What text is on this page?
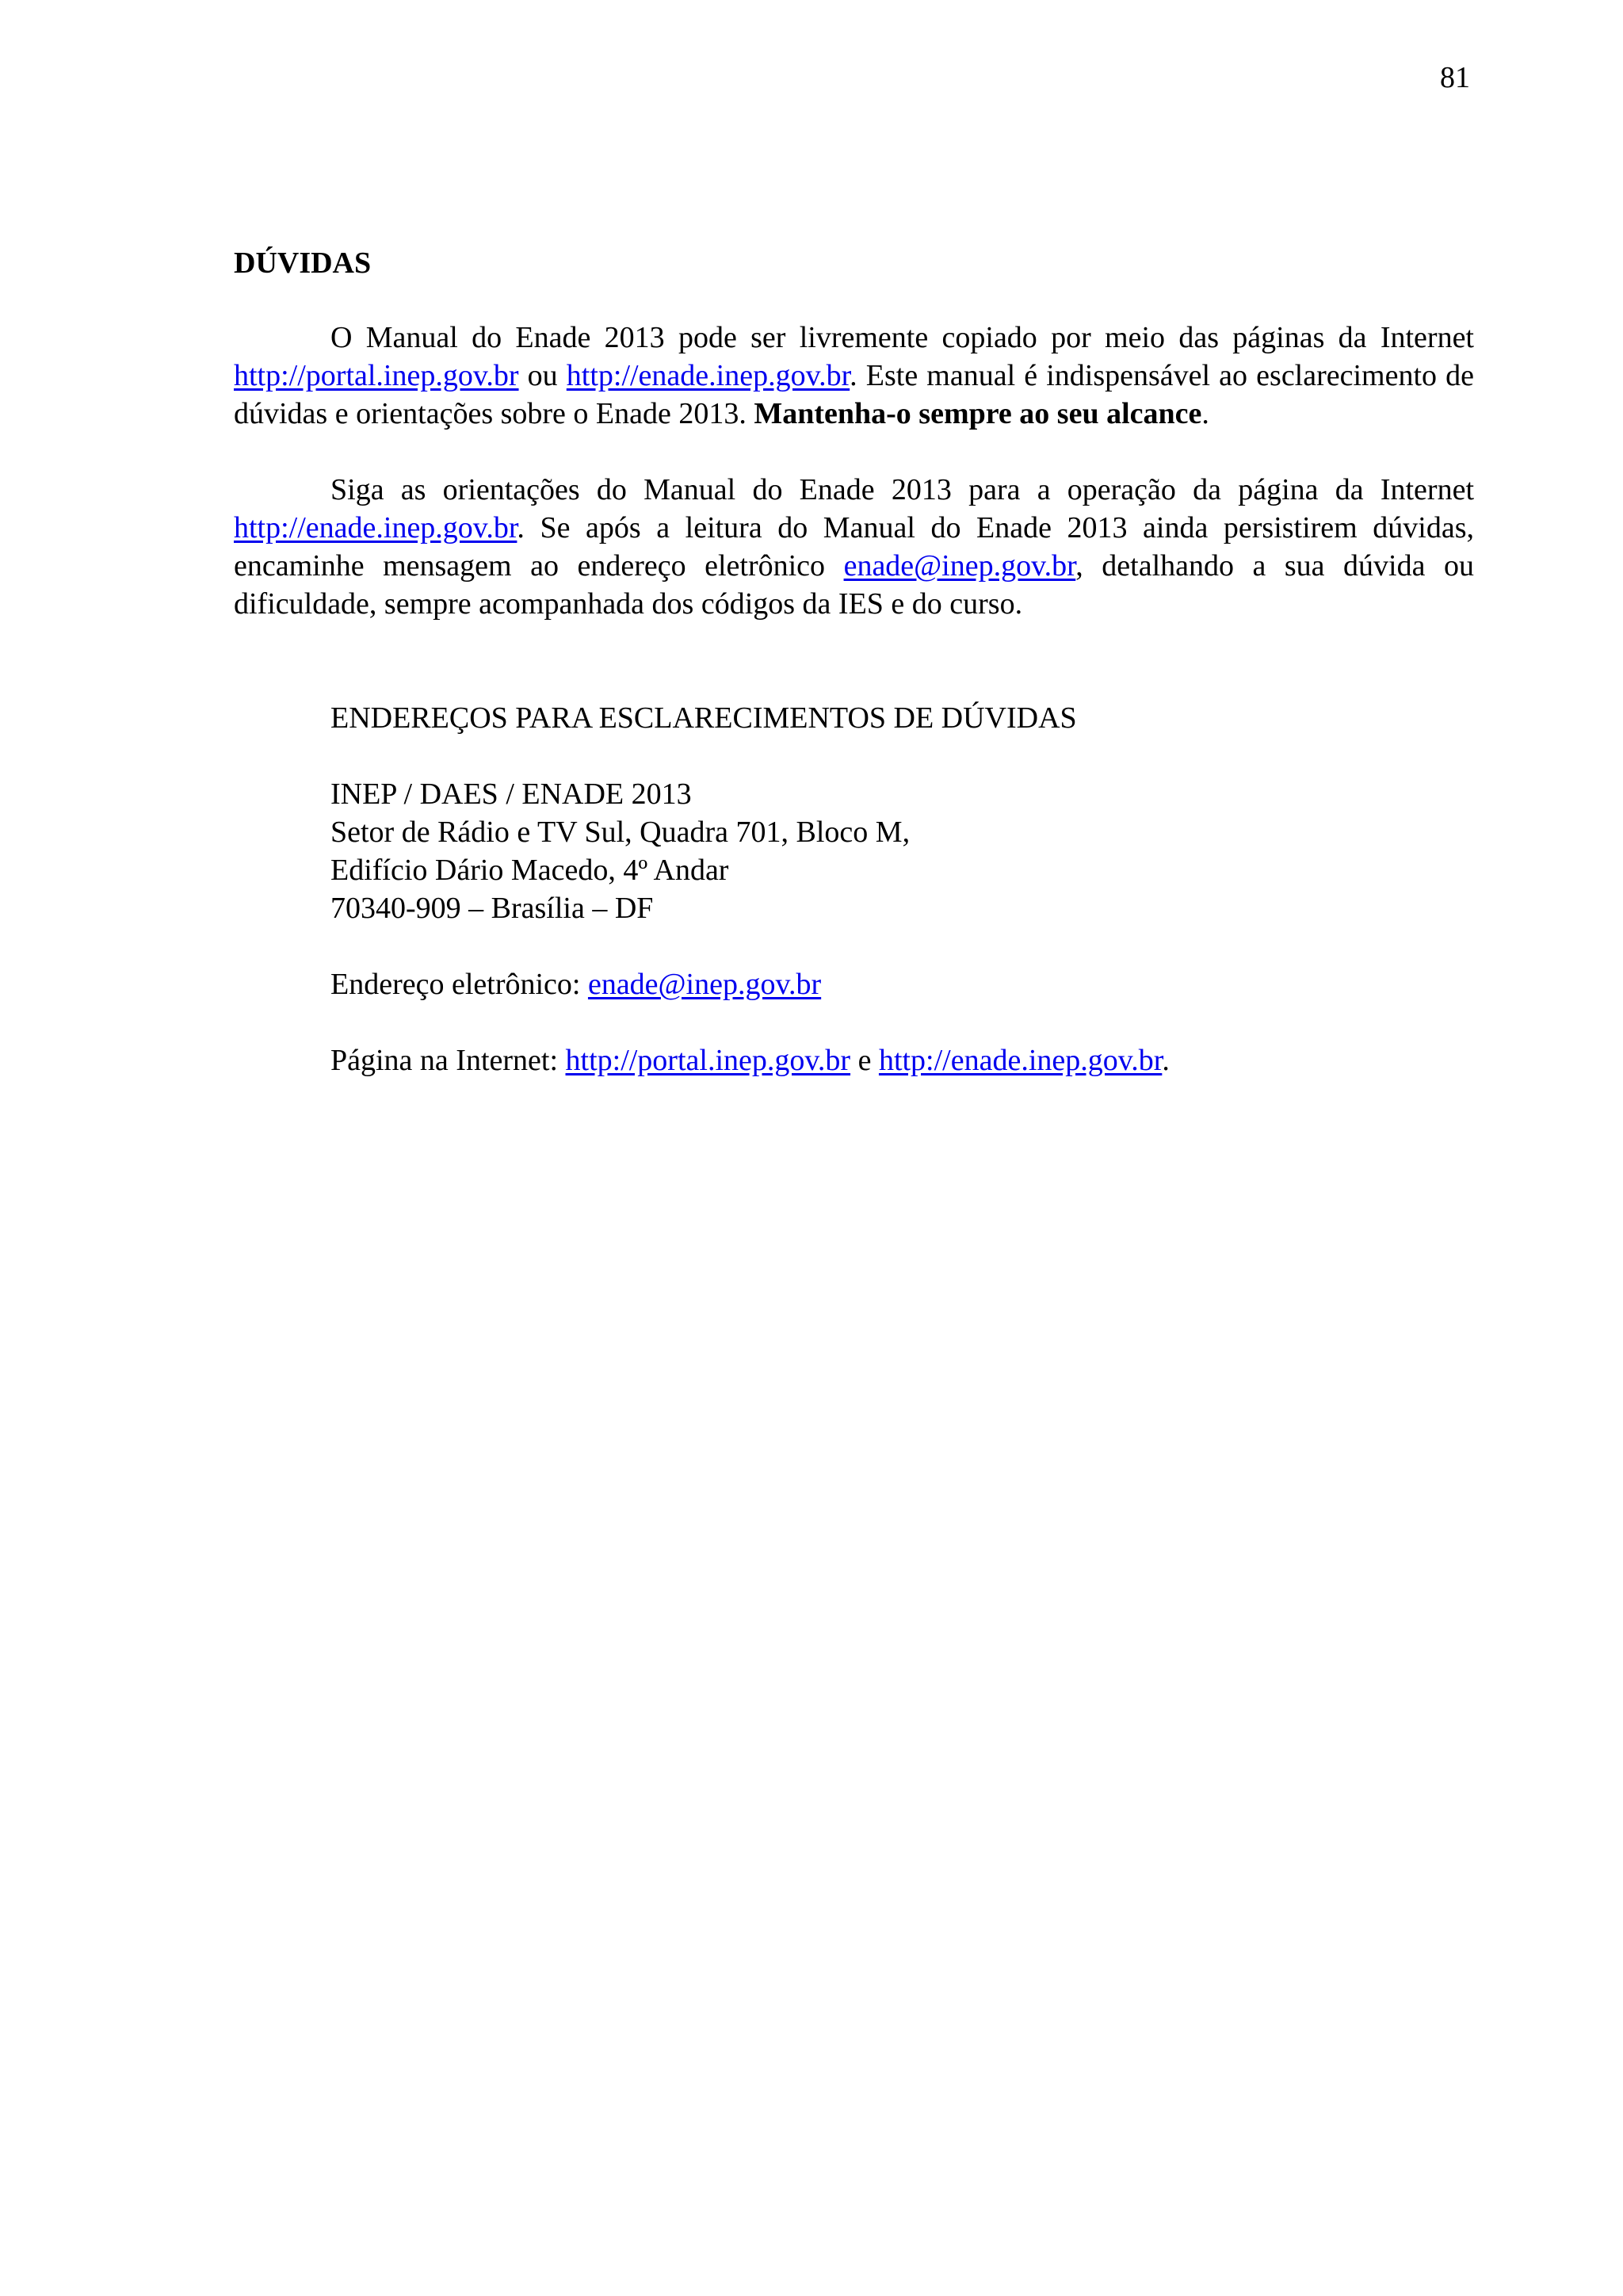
81
DÚVIDAS

O Manual do Enade 2013 pode ser livremente copiado por meio das páginas da Internet http://portal.inep.gov.br ou http://enade.inep.gov.br. Este manual é indispensável ao esclarecimento de dúvidas e orientações sobre o Enade 2013. Mantenha-o sempre ao seu alcance.

Siga as orientações do Manual do Enade 2013 para a operação da página da Internet http://enade.inep.gov.br. Se após a leitura do Manual do Enade 2013 ainda persistirem dúvidas, encaminhe mensagem ao endereço eletrônico enade@inep.gov.br, detalhando a sua dúvida ou dificuldade, sempre acompanhada dos códigos da IES e do curso.

ENDEREÇOS PARA ESCLARECIMENTOS DE DÚVIDAS
INEP / DAES / ENADE 2013
Setor de Rádio e TV Sul, Quadra 701, Bloco M,
Edifício Dário Macedo, 4º Andar
70340-909 – Brasília – DF
Endereço eletrônico: enade@inep.gov.br
Página na Internet: http://portal.inep.gov.br e http://enade.inep.gov.br.
